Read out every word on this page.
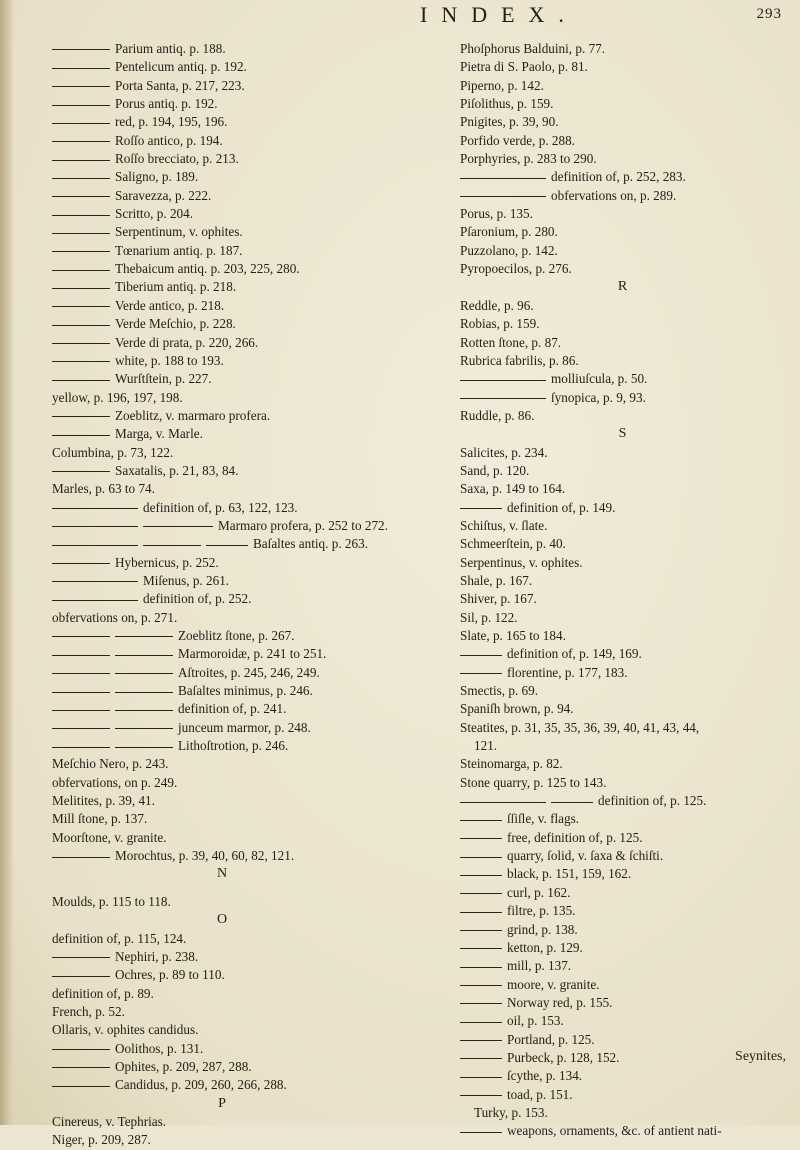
INDEX.	293
Parium antiq. p. 188.
Pentelicum antiq. p. 192.
Porta Santa, p. 217, 223.
Porus antiq. p. 192.
red, p. 194, 195, 196.
Roſſo antico, p. 194.
Roſſo brecciato, p. 213.
Saligno, p. 189.
Saravezza, p. 222.
Scritto, p. 204.
Serpentinum, v. ophites.
Tœnarium antiq. p. 187.
Thebaicum antiq. p. 203, 225, 280.
Tiberium antiq. p. 218.
Verde antico, p. 218.
Verde Meſchio, p. 228.
Verde di prata, p. 220, 266.
white, p. 188 to 193.
Wurſtſtein, p. 227.
yellow, p. 196, 197, 198.
Zoeblitz, v. marmaro profera.
Marga, v. Marle.
Columbina, p. 73, 122.
Saxatalis, p. 21, 83, 84.
Marles, p. 63 to 74.
definition of, p. 63, 122, 123.
Marmaro profera, p. 252 to 272.
Baſaltes antiq. p. 263.
Hybernicus, p. 252.
Miſenus, p. 261.
definition of, p. 252.
obfervations on, p. 271.
Zoeblitz ſtone, p. 267.
Marmoroidæ, p. 241 to 251.
Aſtroites, p. 245, 246, 249.
Baſaltes minimus, p. 246.
definition of, p. 241.
junceum marmor, p. 248.
Lithoſtrotion, p. 246.
Meſchio Nero, p. 243.
obfervations, on p. 249.
Melitites, p. 39, 41.
Mill ſtone, p. 137.
Moorſtone, v. granite.
Morochtus, p. 39, 40, 60, 82, 121.
N
Moulds, p. 115 to 118.
O
definition of, p. 115, 124.
Nephiri, p. 238.
Ochres, p. 89 to 110.
definition of, p. 89.
French, p. 52.
Ollaris, v. ophites candidus.
Oolithos, p. 131.
Ophites, p. 209, 287, 288.
Candidus, p. 209, 260, 266, 288.
P
Cinereus, v. Tephrias.
Niger, p. 209, 287.
Phoſphorus Balduini, p. 77.
Pietra di S. Paolo, p. 81.
Piperno, p. 142.
Piſolithus, p. 159.
Pnigites, p. 39, 90.
Porfido verde, p. 288.
Porphyries, p. 283 to 290.
definition of, p. 252, 283.
obfervations on, p. 289.
Porus, p. 135.
Pſaronium, p. 280.
Puzzolano, p. 142.
Pyropoecilos, p. 276.
R
Reddle, p. 96.
Robias, p. 159.
Rotten ſtone, p. 87.
Rubrica fabrilis, p. 86.
molliuſcula, p. 50.
ſynopica, p. 9, 93.
Ruddle, p. 86.
S
Salicites, p. 234.
Sand, p. 120.
Saxa, p. 149 to 164.
definition of, p. 149.
Schiſtus, v. ſlate.
Schmeerſtein, p. 40.
Serpentinus, v. ophites.
Shale, p. 167.
Shiver, p. 167.
Sil, p. 122.
Slate, p. 165 to 184.
definition of, p. 149, 169.
florentine, p. 177, 183.
Smectis, p. 69.
Spaniſh brown, p. 94.
Steatites, p. 31, 35, 35, 36, 39, 40, 41, 43, 44,
121.
Steinomarga, p. 82.
Stone quarry, p. 125 to 143.
definition of, p. 125.
ſſiſle, v. flags.
free, definition of, p. 125.
quarry, ſolid, v. ſaxa & ſchiſti.
black, p. 151, 159, 162.
curl, p. 162.
filtre, p. 135.
grind, p. 138.
ketton, p. 129.
mill, p. 137.
moore, v. granite.
Norway red, p. 155.
oil, p. 153.
Portland, p. 125.
Purbeck, p. 128, 152.
ſcythe, p. 134.
toad, p. 151.
Turky, p. 153.
weapons, ornaments, &c. of antient nati-
Seynites,
